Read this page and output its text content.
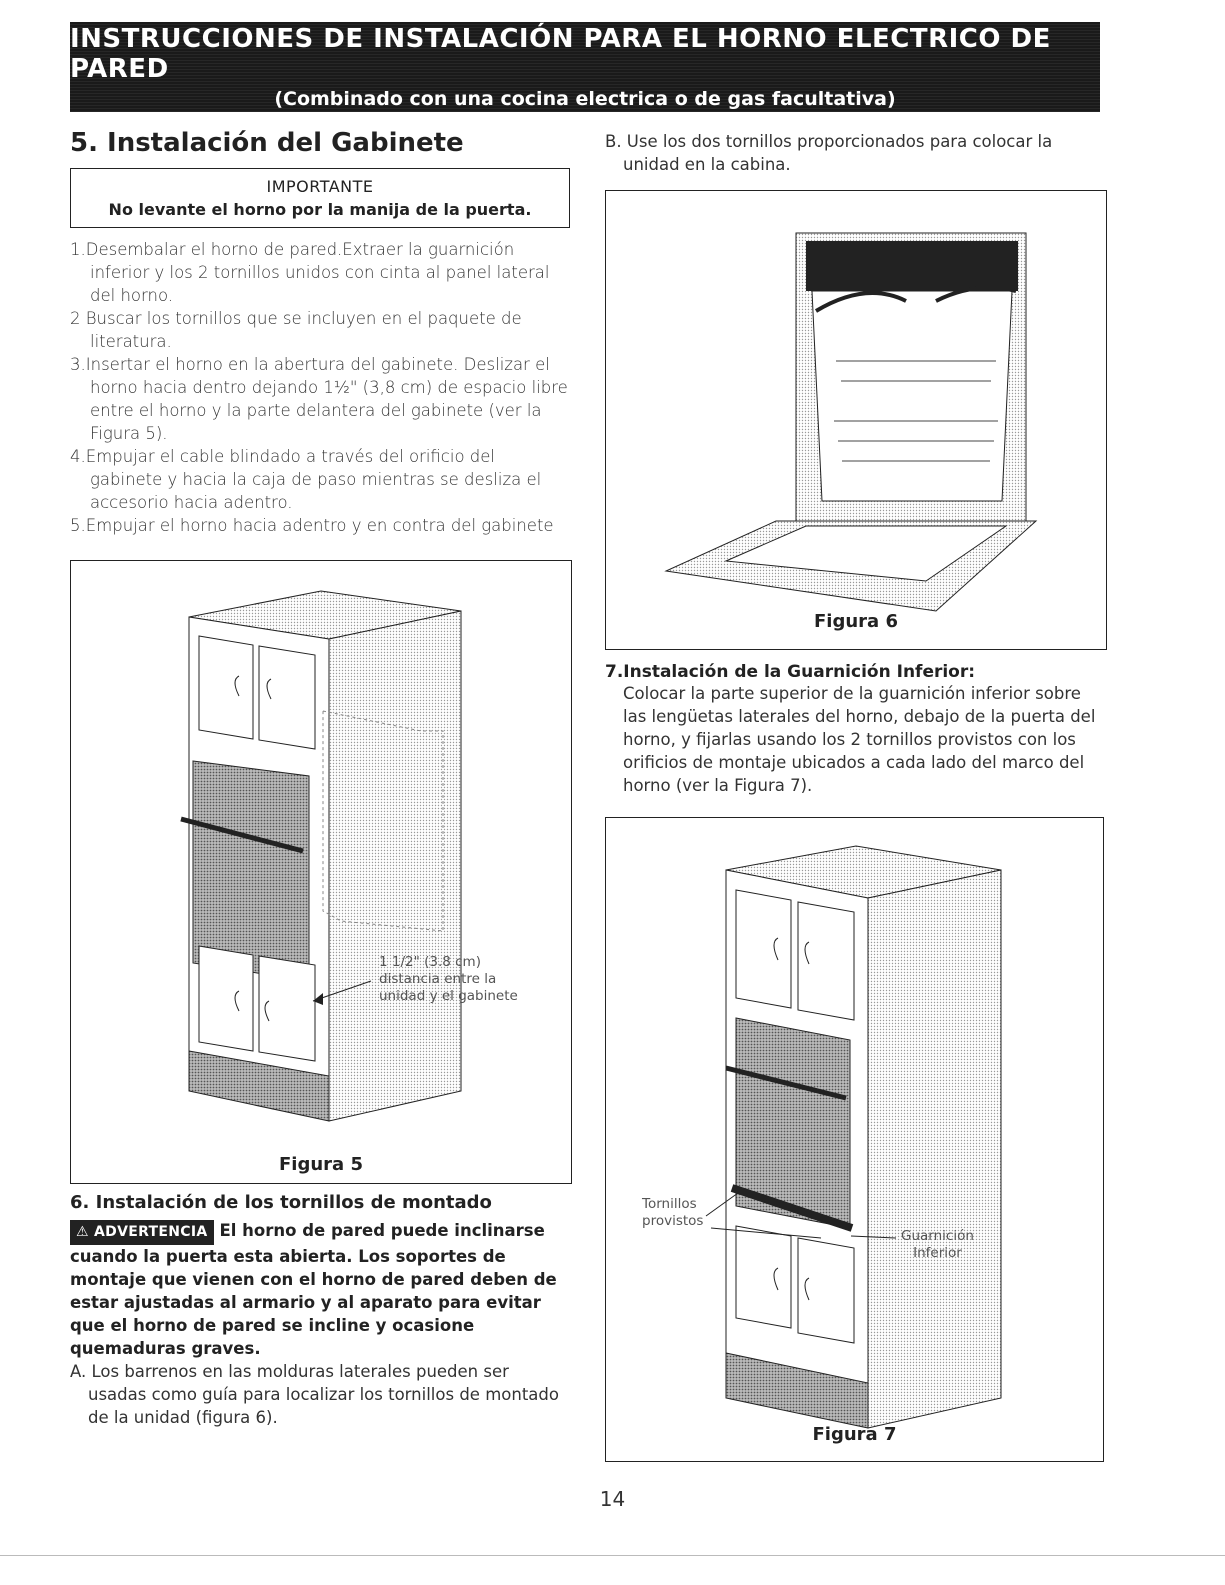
INSTRUCCIONES DE INSTALACIÓN PARA EL HORNO ELECTRICO DE PARED
(Combinado con una cocina electrica o de gas facultativa)
5. Instalación del Gabinete
IMPORTANTE
No levante el horno por la manija de la puerta.
1.Desembalar el horno de pared.Extraer la guarnición inferior y los 2 tornillos unidos con cinta al panel lateral del horno.
2 Buscar los tornillos que se incluyen en el paquete de literatura.
3.Insertar el horno en la abertura del gabinete. Deslizar el horno hacia dentro dejando 1½" (3,8 cm) de espacio libre entre el horno y la parte delantera del gabinete (ver la Figura 5).
4.Empujar el cable blindado a través del orificio del gabinete y hacia la caja de paso mientras se desliza el accesorio hacia adentro.
5.Empujar el horno hacia adentro y en contra del gabinete
1 1/2" (3.8 cm)
distancia entre la
unidad y el gabinete
Figura 5
6. Instalación de los tornillos de montado
⚠ ADVERTENCIA El horno de pared puede inclinarse cuando la puerta esta abierta. Los soportes de montaje que vienen con el horno de pared deben de estar ajustadas al armario y al aparato para evitar que el horno de pared se incline y ocasione quemaduras graves.
A. Los barrenos en las molduras laterales pueden ser usadas como guía para localizar los tornillos de montado de la unidad (figura 6).
B. Use los dos tornillos proporcionados para colocar la unidad en la cabina.
Figura 6
7.Instalación de la Guarnición Inferior:
Colocar la parte superior de la guarnición inferior sobre las lengüetas laterales del horno, debajo de la puerta del horno, y fijarlas usando los 2 tornillos provistos con los orificios de montaje ubicados a cada lado del marco del horno (ver la Figura 7).
Tornillos
provistos
Guarnición
Inferior
Figura 7
14
